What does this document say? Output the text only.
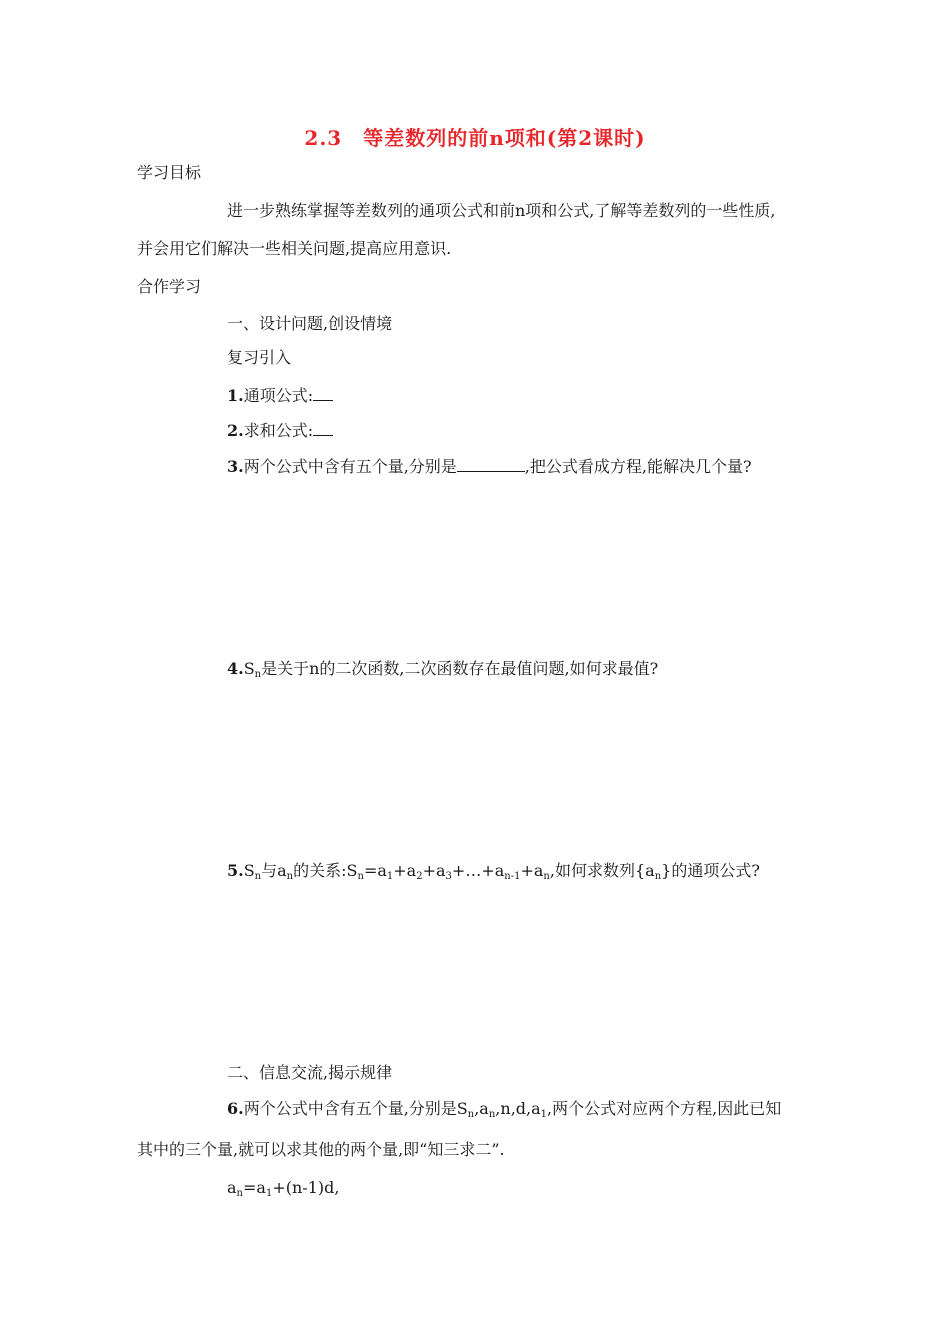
2.3　等差数列的前n项和(第2课时)
学习目标
进一步熟练掌握等差数列的通项公式和前n项和公式,了解等差数列的一些性质,
并会用它们解决一些相关问题,提高应用意识.
合作学习
一、设计问题,创设情境
复习引入
1.通项公式:
2.求和公式:
3.两个公式中含有五个量,分别是	,把公式看成方程,能解决几个量?
$4.S_n$是关于n的二次函数,二次函数存在最值问题,如何求最值?
$5.S_n$与$a_n$的关系$:S_n=a_1+a_2+a_3+\dots+a_{n-1}+a_n$,如何求数列$\{a_n\}$的通项公式?
二、信息交流,揭示规律
6.两个公式中含有五个量,分别是$S_n,a_n,n,d,a_1$,两个公式对应两个方程,因此已知
其中的三个量,就可以求其他的两个量,即“知三求二”.
$a_n=a_1+(n-1)d$,
